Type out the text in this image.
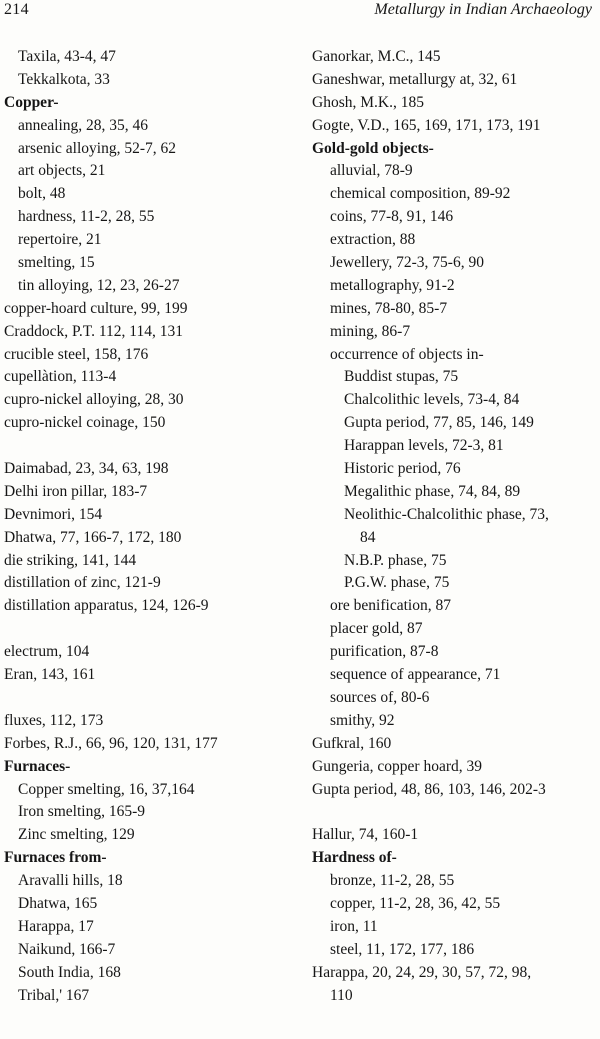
214	Metallurgy in Indian Archaeology
Taxila, 43-4, 47
Tekkalkota, 33
Copper-
annealing, 28, 35, 46
arsenic alloying, 52-7, 62
art objects, 21
bolt, 48
hardness, 11-2, 28, 55
repertoire, 21
smelting, 15
tin alloying, 12, 23, 26-27
copper-hoard culture, 99, 199
Craddock, P.T. 112, 114, 131
crucible steel, 158, 176
cupellàtion, 113-4
cupro-nickel alloying, 28, 30
cupro-nickel coinage, 150
Daimabad, 23, 34, 63, 198
Delhi iron pillar, 183-7
Devnimori, 154
Dhatwa, 77, 166-7, 172, 180
die striking, 141, 144
distillation of zinc, 121-9
distillation apparatus, 124, 126-9
electrum, 104
Eran, 143, 161
fluxes, 112, 173
Forbes, R.J., 66, 96, 120, 131, 177
Furnaces-
Copper smelting, 16, 37,164
Iron smelting, 165-9
Zinc smelting, 129
Furnaces from-
Aravalli hills, 18
Dhatwa, 165
Harappa, 17
Naikund, 166-7
South India, 168
Tribal,' 167
Ganorkar, M.C., 145
Ganeshwar, metallurgy at, 32, 61
Ghosh, M.K., 185
Gogte, V.D., 165, 169, 171, 173, 191
Gold-gold objects-
alluvial, 78-9
chemical composition, 89-92
coins, 77-8, 91, 146
extraction, 88
Jewellery, 72-3, 75-6, 90
metallography, 91-2
mines, 78-80, 85-7
mining, 86-7
occurrence of objects in-
Buddist stupas, 75
Chalcolithic levels, 73-4, 84
Gupta period, 77, 85, 146, 149
Harappan levels, 72-3, 81
Historic period, 76
Megalithic phase, 74, 84, 89
Neolithic-Chalcolithic phase, 73,
84
N.B.P. phase, 75
P.G.W. phase, 75
ore benification, 87
placer gold, 87
purification, 87-8
sequence of appearance, 71
sources of, 80-6
smithy, 92
Gufkral, 160
Gungeria, copper hoard, 39
Gupta period, 48, 86, 103, 146, 202-3
Hallur, 74, 160-1
Hardness of-
bronze, 11-2, 28, 55
copper, 11-2, 28, 36, 42, 55
iron, 11
steel, 11, 172, 177, 186
Harappa, 20, 24, 29, 30, 57, 72, 98,
110
